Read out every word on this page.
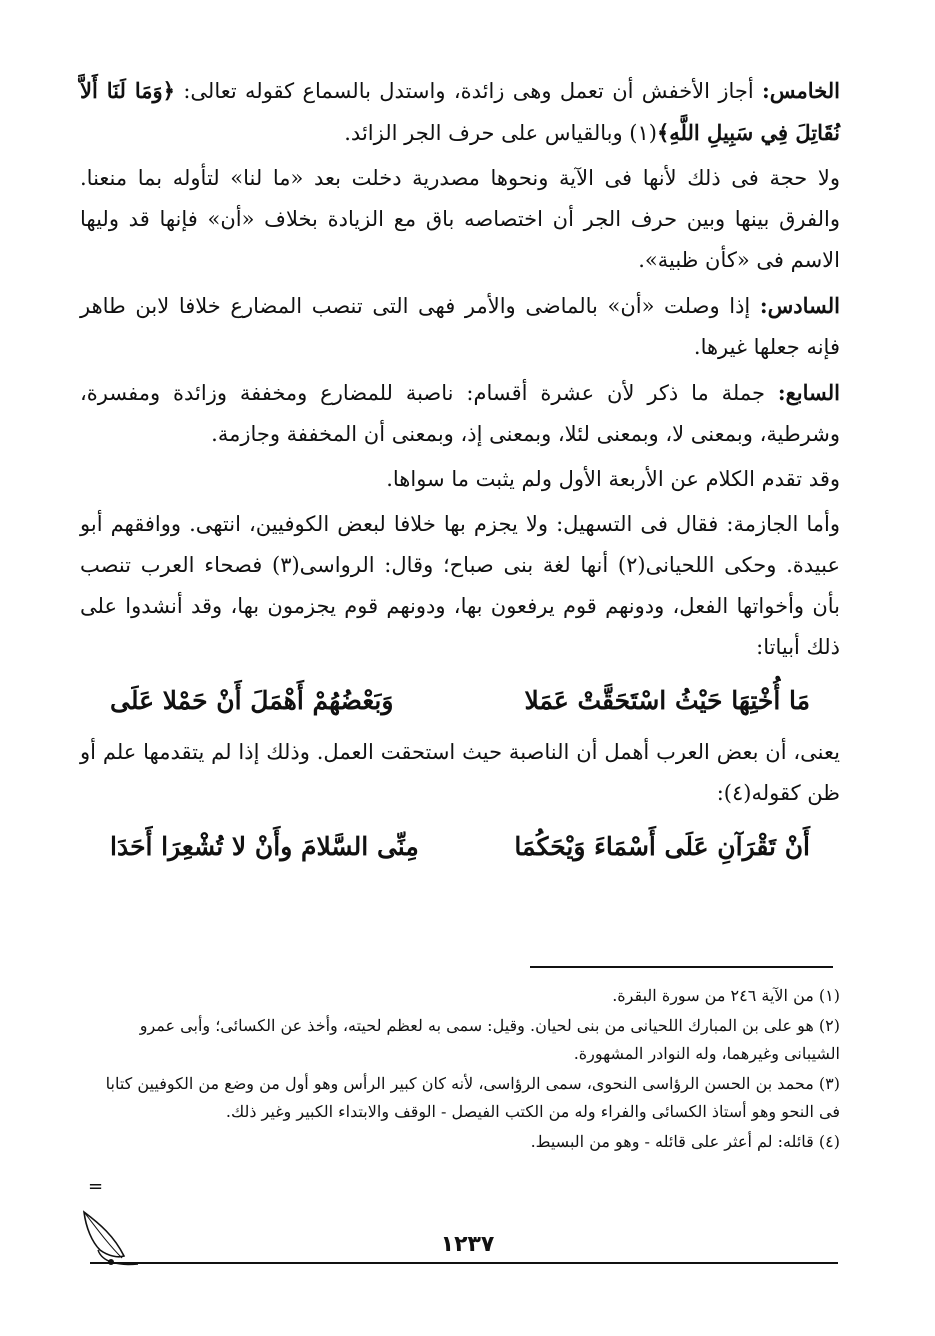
الخامس: أجاز الأخفش أن تعمل وهى زائدة، واستدل بالسماع كقوله تعالى: ﴿وَمَا لَنَا أَلاَّ نُقَاتِلَ فِي سَبِيلِ اللَّهِ﴾(١) وبالقياس على حرف الجر الزائد.

ولا حجة فى ذلك لأنها فى الآية ونحوها مصدرية دخلت بعد «ما لنا» لتأوله بما منعنا. والفرق بينها وبين حرف الجر أن اختصاصه باق مع الزيادة بخلاف «أن» فإنها قد وليها الاسم فى «كأن ظبية».

السادس: إذا وصلت «أن» بالماضى والأمر فهى التى تنصب المضارع خلافا لابن طاهر فإنه جعلها غيرها.

السابع: جملة ما ذكر لأن عشرة أقسام: ناصبة للمضارع ومخففة وزائدة ومفسرة، وشرطية، وبمعنى لا، وبمعنى لئلا، وبمعنى إذ، وبمعنى أن المخففة وجازمة.

وقد تقدم الكلام عن الأربعة الأول ولم يثبت ما سواها.

وأما الجازمة: فقال فى التسهيل: ولا يجزم بها خلافا لبعض الكوفيين، انتهى. ووافقهم أبو عبيدة. وحكى اللحيانى(٢) أنها لغة بنى صباح؛ وقال: الرواسى(٣) فصحاء العرب تنصب بأن وأخواتها الفعل، ودونهم قوم يرفعون بها، ودونهم قوم يجزمون بها، وقد أنشدوا على ذلك أبياتا:

مَا أُخْتِهَا حَيْثُ اسْتَحَقَّتْ عَمَلا
وَبَعْضُهُمْ أَهْمَلَ أَنْ حَمْلا عَلَى

يعنى، أن بعض العرب أهمل أن الناصبة حيث استحقت العمل. وذلك إذا لم يتقدمها علم أو ظن كقوله(٤):

أَنْ تَقْرَآنِ عَلَى أَسْمَاءَ وَيْحَكُمَا
مِنِّى السَّلامَ وأَنْ لا تُشْعِرَا أَحَدَا

(١) من الآية ٢٤٦ من سورة البقرة.

(٢) هو على بن المبارك اللحيانى من بنى لحيان. وقيل: سمى به لعظم لحيته، وأخذ عن الكسائى؛ وأبى عمرو الشيبانى وغيرهما، وله النوادر المشهورة.

(٣) محمد بن الحسن الرؤاسى النحوى، سمى الرؤاسى، لأنه كان كبير الرأس وهو أول من وضع من الكوفيين كتابا فى النحو وهو أستاذ الكسائى والفراء وله من الكتب الفيصل - الوقف والابتداء الكبير وغير ذلك.

(٤) قائله: لم أعثر على قائله - وهو من البسيط.

=
١٢٣٧
